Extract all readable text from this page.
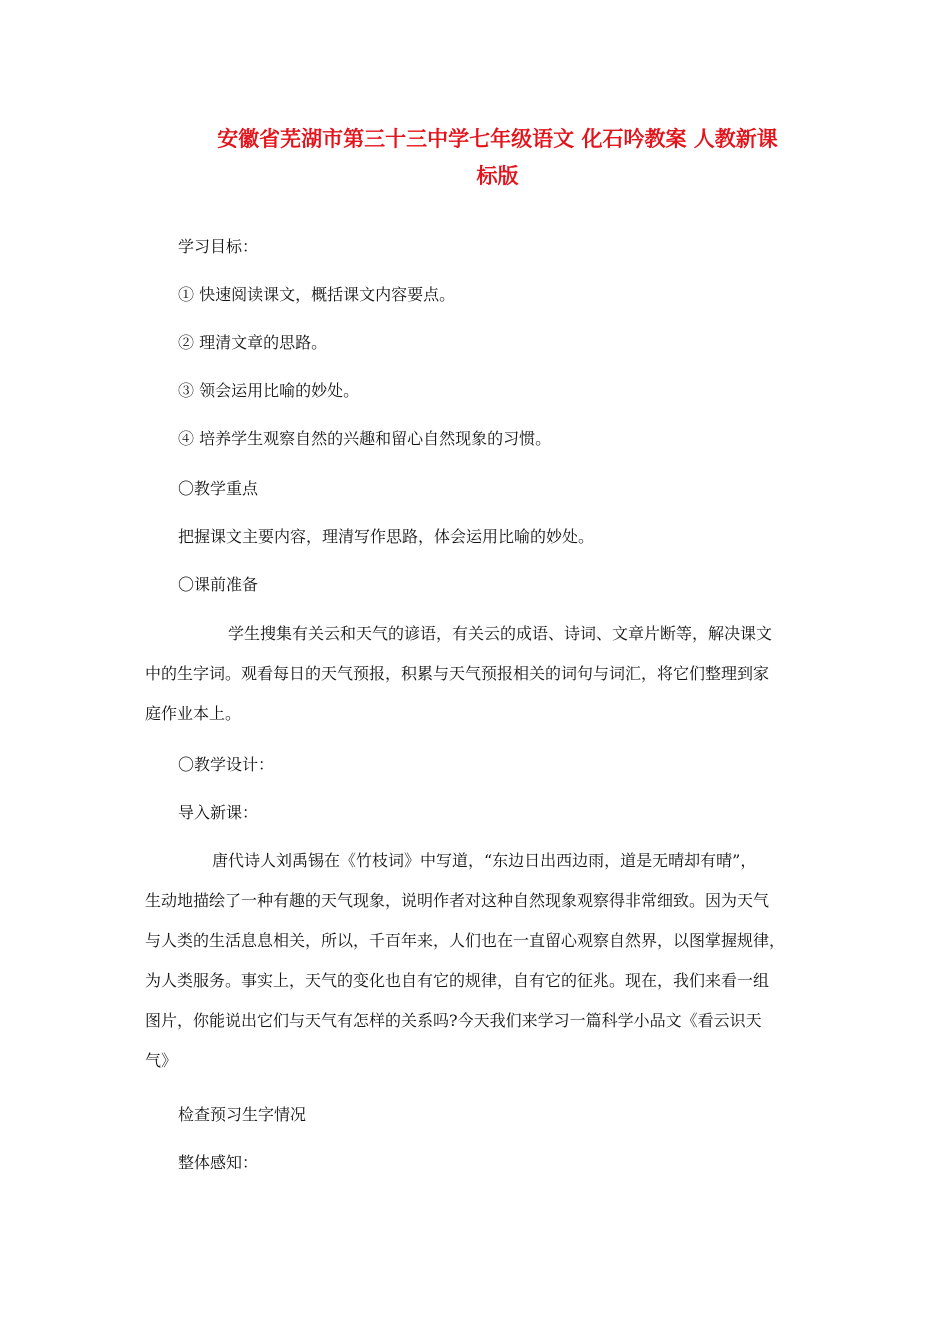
安徽省芜湖市第三十三中学七年级语文 化石吟教案 人教新课
标版

学习目标：

① 快速阅读课文，概括课文内容要点。

② 理清文章的思路。

③ 领会运用比喻的妙处。

④ 培养学生观察自然的兴趣和留心自然现象的习惯。

〇教学重点

把握课文主要内容，理清写作思路，体会运用比喻的妙处。

〇课前准备

学生搜集有关云和天气的谚语，有关云的成语、诗词、文章片断等，解决课文

中的生字词。观看每日的天气预报，积累与天气预报相关的词句与词汇，将它们整理到家

庭作业本上。

〇教学设计：

导入新课：

唐代诗人刘禹锡在《竹枝词》中写道，“东边日出西边雨，道是无晴却有晴”，

生动地描绘了一种有趣的天气现象，说明作者对这种自然现象观察得非常细致。因为天气

与人类的生活息息相关，所以，千百年来，人们也在一直留心观察自然界，以图掌握规律，

为人类服务。事实上，天气的变化也自有它的规律，自有它的征兆。现在，我们来看一组

图片，你能说出它们与天气有怎样的关系吗?今天我们来学习一篇科学小品文《看云识天

气》

检查预习生字情况

整体感知：
